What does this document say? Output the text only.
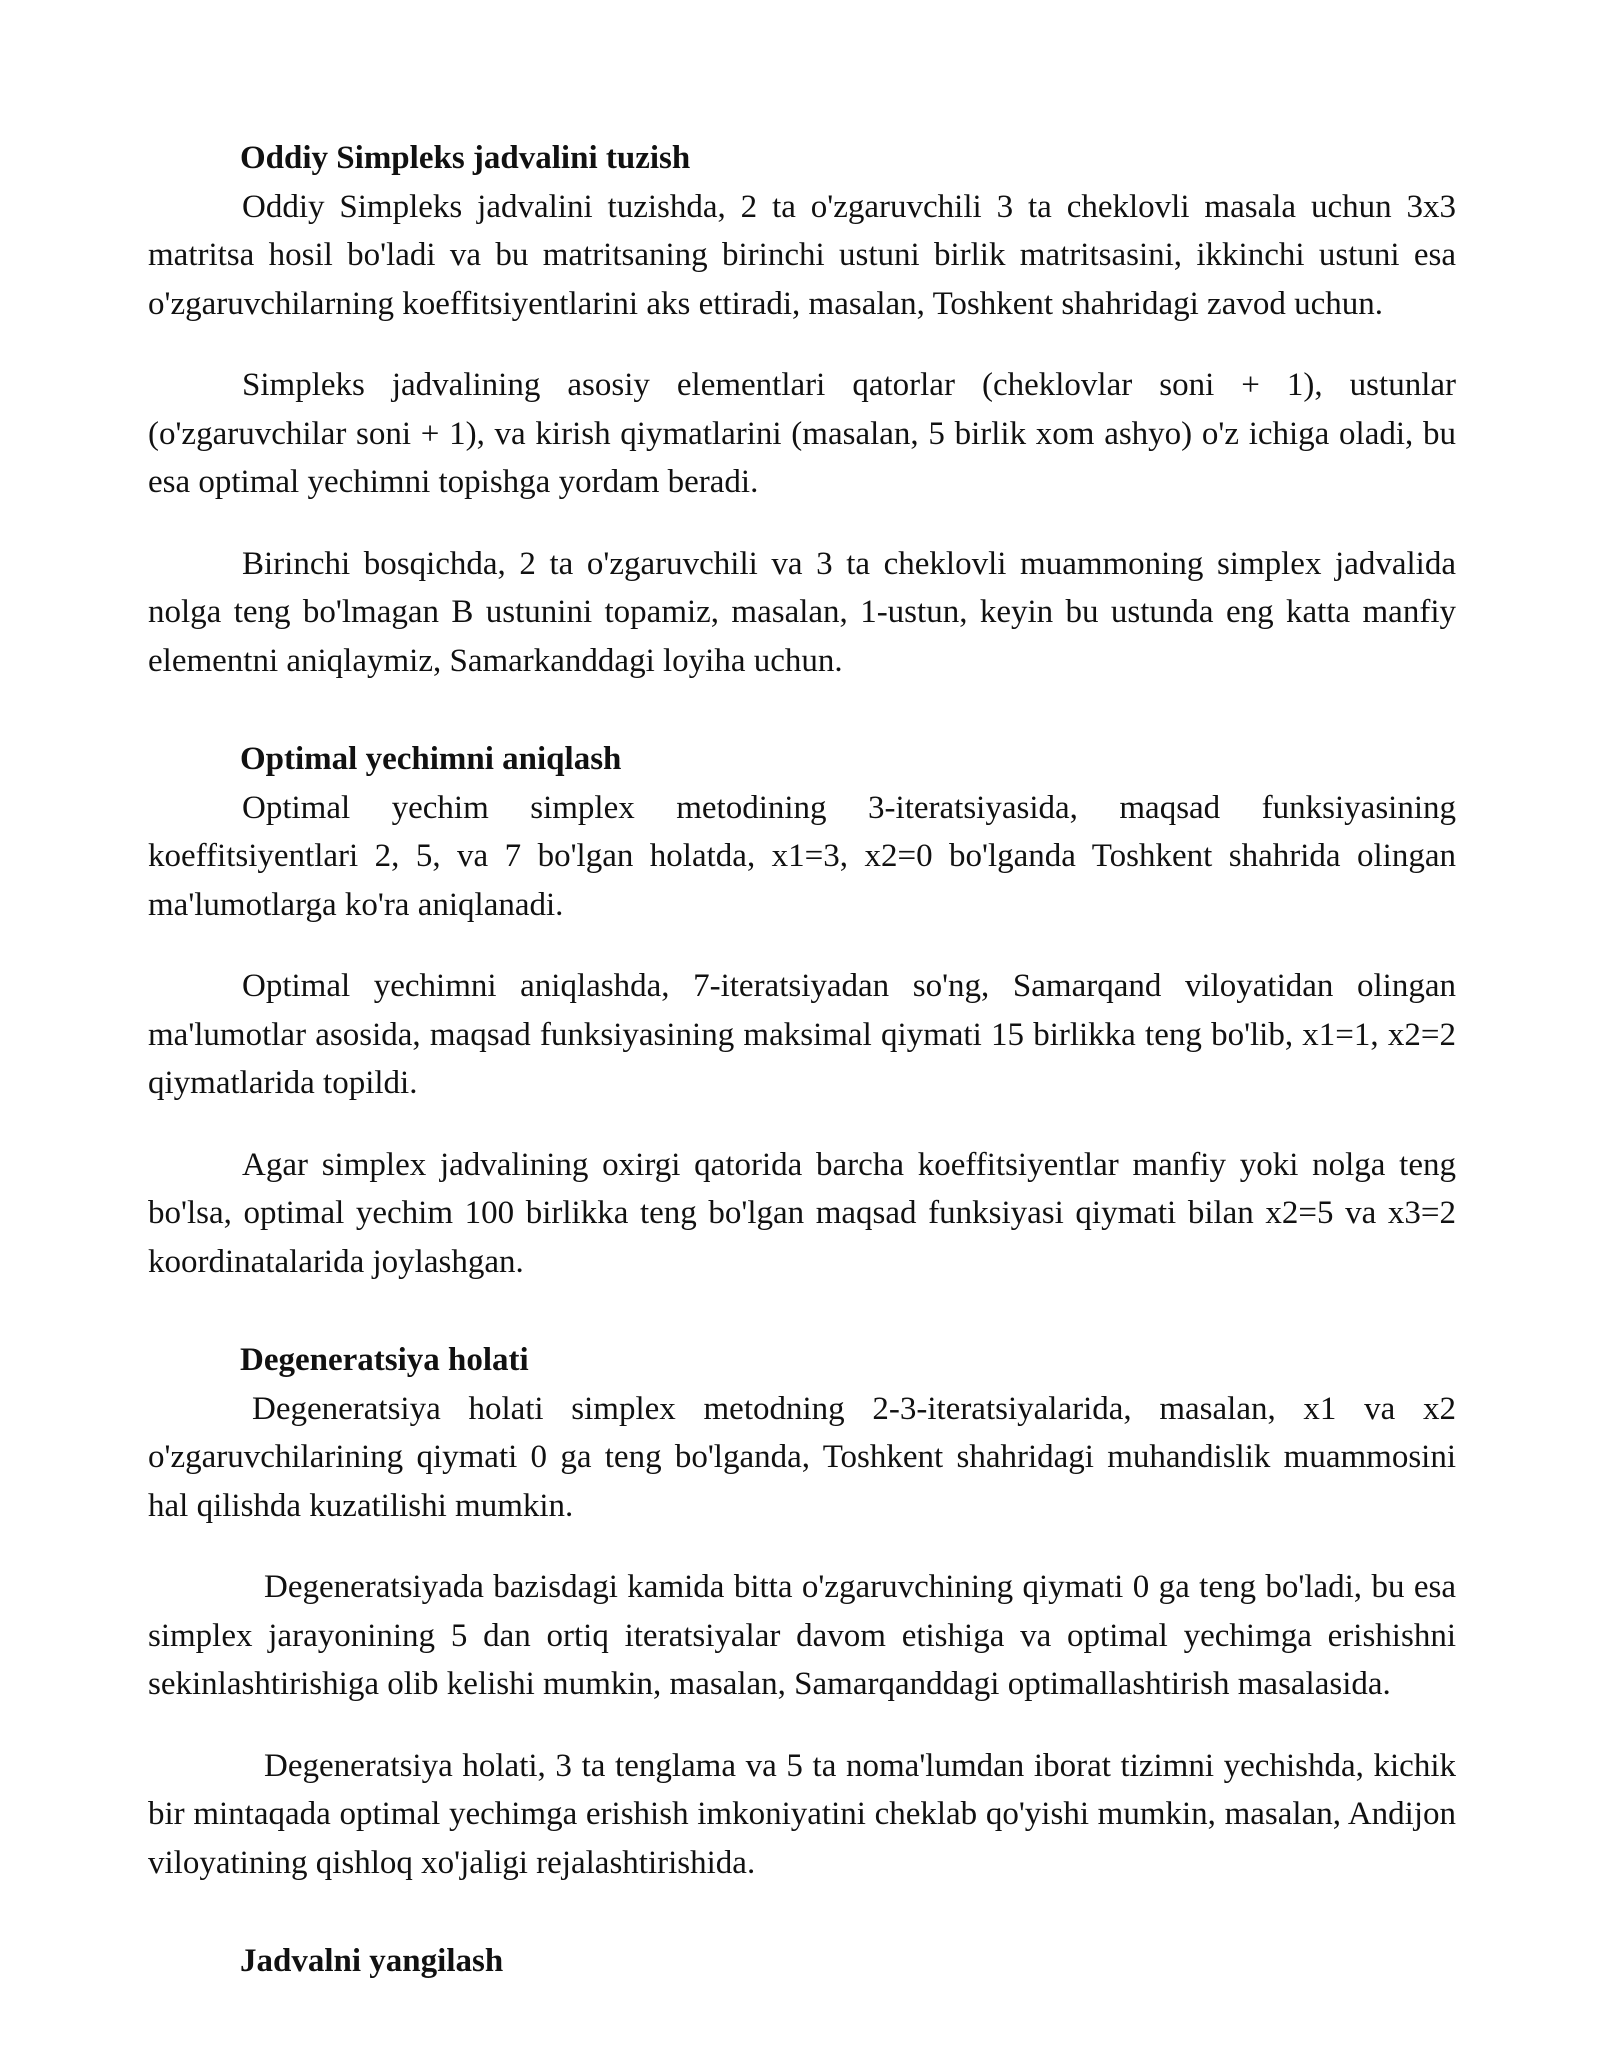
Oddiy Simpleks jadvalini tuzish

Oddiy Simpleks jadvalini tuzishda, 2 ta o'zgaruvchili 3 ta cheklovli masala uchun 3x3 matritsa hosil bo'ladi va bu matritsaning birinchi ustuni birlik matritsasini, ikkinchi ustuni esa o'zgaruvchilarning koeffitsiyentlarini aks ettiradi, masalan, Toshkent shahridagi zavod uchun.

Simpleks jadvalining asosiy elementlari qatorlar (cheklovlar soni + 1), ustunlar (o'zgaruvchilar soni + 1), va kirish qiymatlarini (masalan, 5 birlik xom ashyo) o'z ichiga oladi, bu esa optimal yechimni topishga yordam beradi.

Birinchi bosqichda, 2 ta o'zgaruvchili va 3 ta cheklovli muammoning simplex jadvalida nolga teng bo'lmagan B ustunini topamiz, masalan, 1-ustun, keyin bu ustunda eng katta manfiy elementni aniqlaymiz, Samarkanddagi loyiha uchun.

Optimal yechimni aniqlash

Optimal yechim simplex metodining 3-iteratsiyasida, maqsad funksiyasining koeffitsiyentlari 2, 5, va 7 bo'lgan holatda, x1=3, x2=0 bo'lganda Toshkent shahrida olingan ma'lumotlarga ko'ra aniqlanadi.

Optimal yechimni aniqlashda, 7-iteratsiyadan so'ng, Samarqand viloyatidan olingan ma'lumotlar asosida, maqsad funksiyasining maksimal qiymati 15 birlikka teng bo'lib, x1=1, x2=2 qiymatlarida topildi.

Agar simplex jadvalining oxirgi qatorida barcha koeffitsiyentlar manfiy yoki nolga teng bo'lsa, optimal yechim 100 birlikka teng bo'lgan maqsad funksiyasi qiymati bilan x2=5 va x3=2 koordinatalarida joylashgan.

Degeneratsiya holati

Degeneratsiya holati simplex metodning 2-3-iteratsiyalarida, masalan, x1 va x2 o'zgaruvchilarining qiymati 0 ga teng bo'lganda, Toshkent shahridagi muhandislik muammosini hal qilishda kuzatilishi mumkin.

Degeneratsiyada bazisdagi kamida bitta o'zgaruvchining qiymati 0 ga teng bo'ladi, bu esa simplex jarayonining 5 dan ortiq iteratsiyalar davom etishiga va optimal yechimga erishishni sekinlashtirishiga olib kelishi mumkin, masalan, Samarqanddagi optimallashtirish masalasida.

Degeneratsiya holati, 3 ta tenglama va 5 ta noma'lumdan iborat tizimni yechishda, kichik bir mintaqada optimal yechimga erishish imkoniyatini cheklab qo'yishi mumkin, masalan, Andijon viloyatining qishloq xo'jaligi rejalashtirishida.

Jadvalni yangilash
